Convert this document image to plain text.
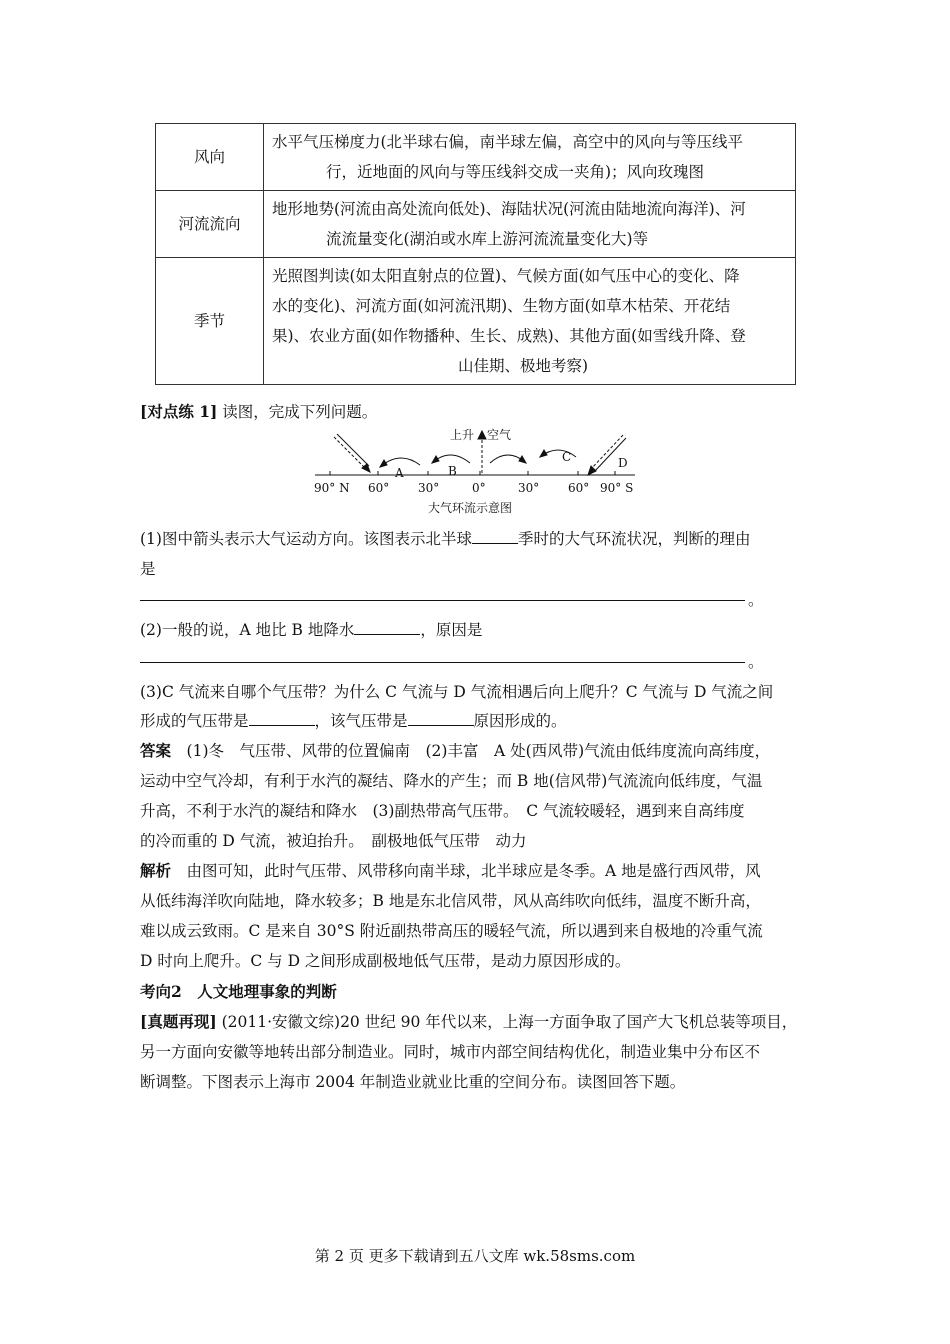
风向	水平气压梯度力(北半球右偏，南半球左偏，高空中的风向与等压线平
行，近地面的风向与等压线斜交成一夹角)；风向玫瑰图

河流流向	地形地势(河流由高处流向低处)、海陆状况(河流由陆地流向海洋)、河
流流量变化(湖泊或水库上游河流流量变化大)等

季节	光照图判读(如太阳直射点的位置)、气候方面(如气压中心的变化、降
水的变化)、河流方面(如河流汛期)、生物方面(如草木枯荣、开花结
果)、农业方面(如作物播种、生长、成熟)、其他方面(如雪线升降、登
山佳期、极地考察)
[对点练 1] 读图，完成下列问题。
上升 空气
A	B
C	D
90° N 60° 30°	0°	30° 60° 90° S
大气环流示意图
(1)图中箭头表示大气运动方向。该图表示北半球	季时的大气环流状况，判断的理由
是
。
(2)一般的说，A 地比 B 地降水	，原因是
。
(3)C 气流来自哪个气压带？为什么 C 气流与 D 气流相遇后向上爬升？C 气流与 D 气流之间
形成的气压带是	，该气压带是	原因形成的。
答案　 (1)冬　气压带、风带的位置偏南　(2)丰富　A 处(西风带)气流由低纬度流向高纬度，
运动中空气冷却，有利于水汽的凝结、降水的产生；而 B 地(信风带)气流流向低纬度，气温
升高，不利于水汽的凝结和降水　(3)副热带高气压带。　C 气流较暖轻，遇到来自高纬度
的冷而重的 D 气流，被迫抬升。　副极地低气压带　动力
解析　 由图可知，此时气压带、风带移向南半球，北半球应是冬季。A 地是盛行西风带，风
从低纬海洋吹向陆地，降水较多；B 地是东北信风带，风从高纬吹向低纬，温度不断升高，
难以成云致雨。C 是来自 30°S 附近副热带高压的暖轻气流，所以遇到来自极地的冷重气流
D 时向上爬升。C 与 D 之间形成副极地低气压带，是动力原因形成的。
考向2　人文地理事象的判断
[真题再现] (2011·安徽文综)20 世纪 90 年代以来，上海一方面争取了国产大飞机总装等项目，
另一方面向安徽等地转出部分制造业。同时，城市内部空间结构优化，制造业集中分布区不
断调整。下图表示上海市 2004 年制造业就业比重的空间分布。读图回答下题。
第 2 页 更多下载请到五八文库 wk.58sms.com
